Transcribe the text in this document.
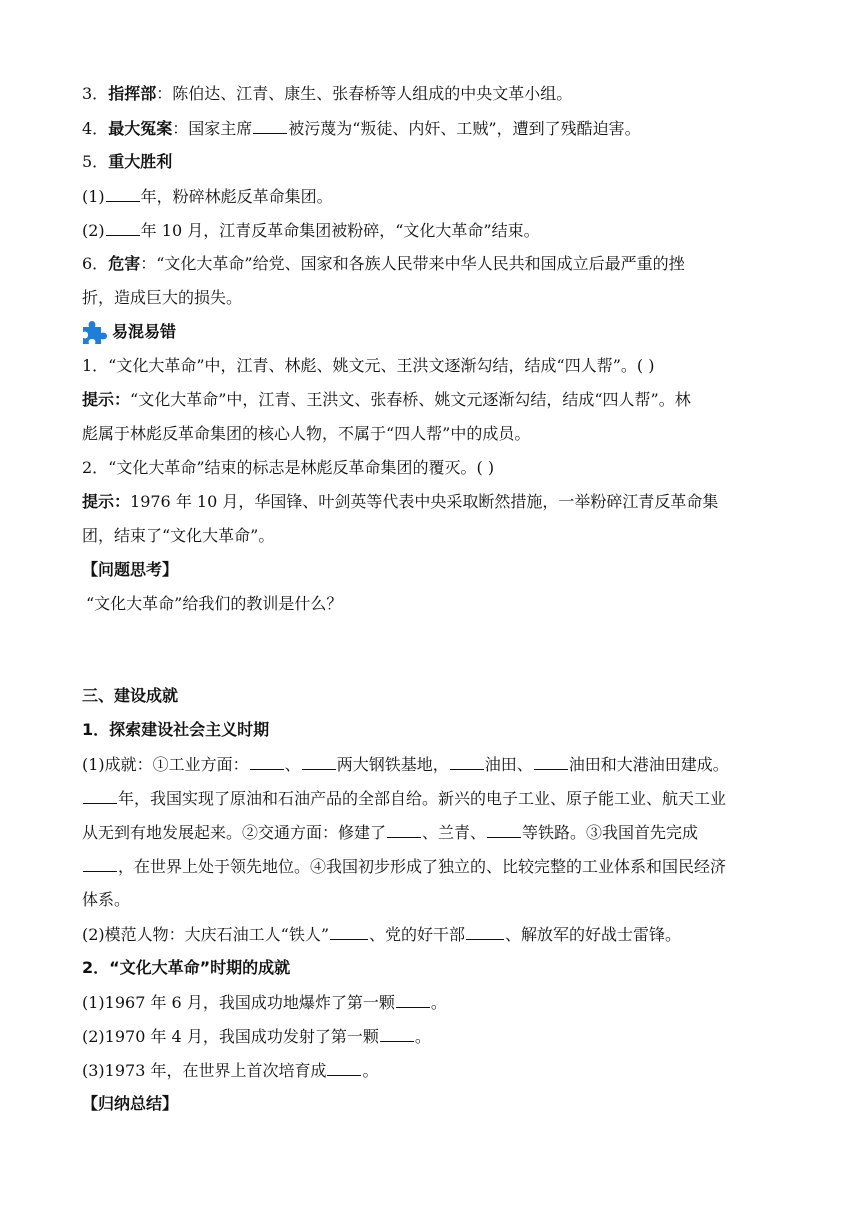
3．指挥部：陈伯达、江青、康生、张春桥等人组成的中央文革小组。
4．最大冤案：国家主席 被污蔑为“叛徒、内奸、工贼”，遭到了残酷迫害。
5．重大胜利
(1) 年，粉碎林彪反革命集团。
(2) 年 10 月，江青反革命集团被粉碎，“文化大革命”结束。
6．危害：“文化大革命”给党、国家和各族人民带来中华人民共和国成立后最严重的挫
折，造成巨大的损失。
易混易错
1．“文化大革命”中，江青、林彪、姚文元、王洪文逐渐勾结，结成“四人帮”。( )
提示：“文化大革命”中，江青、王洪文、张春桥、姚文元逐渐勾结，结成“四人帮”。林
彪属于林彪反革命集团的核心人物，不属于“四人帮”中的成员。
2．“文化大革命”结束的标志是林彪反革命集团的覆灭。( )
提示：1976 年 10 月，华国锋、叶剑英等代表中央采取断然措施，一举粉碎江青反革命集
团，结束了“文化大革命”。
【问题思考】
“文化大革命”给我们的教训是什么？
三、建设成就
1．探索建设社会主义时期
(1)成就：①工业方面： 、 两大钢铁基地， 油田、 油田和大港油田建成。
年，我国实现了原油和石油产品的全部自给。新兴的电子工业、原子能工业、航天工业
从无到有地发展起来。②交通方面：修建了 、兰青、 等铁路。③我国首先完成
，在世界上处于领先地位。④我国初步形成了独立的、比较完整的工业体系和国民经济
体系。
(2)模范人物：大庆石油工人“铁人”	、党的好干部	、解放军的好战士雷锋。
2．“文化大革命”时期的成就
(1)1967 年 6 月，我国成功地爆炸了第一颗 。
(2)1970 年 4 月，我国成功发射了第一颗 。
(3)1973 年，在世界上首次培育成 。
【归纳总结】
